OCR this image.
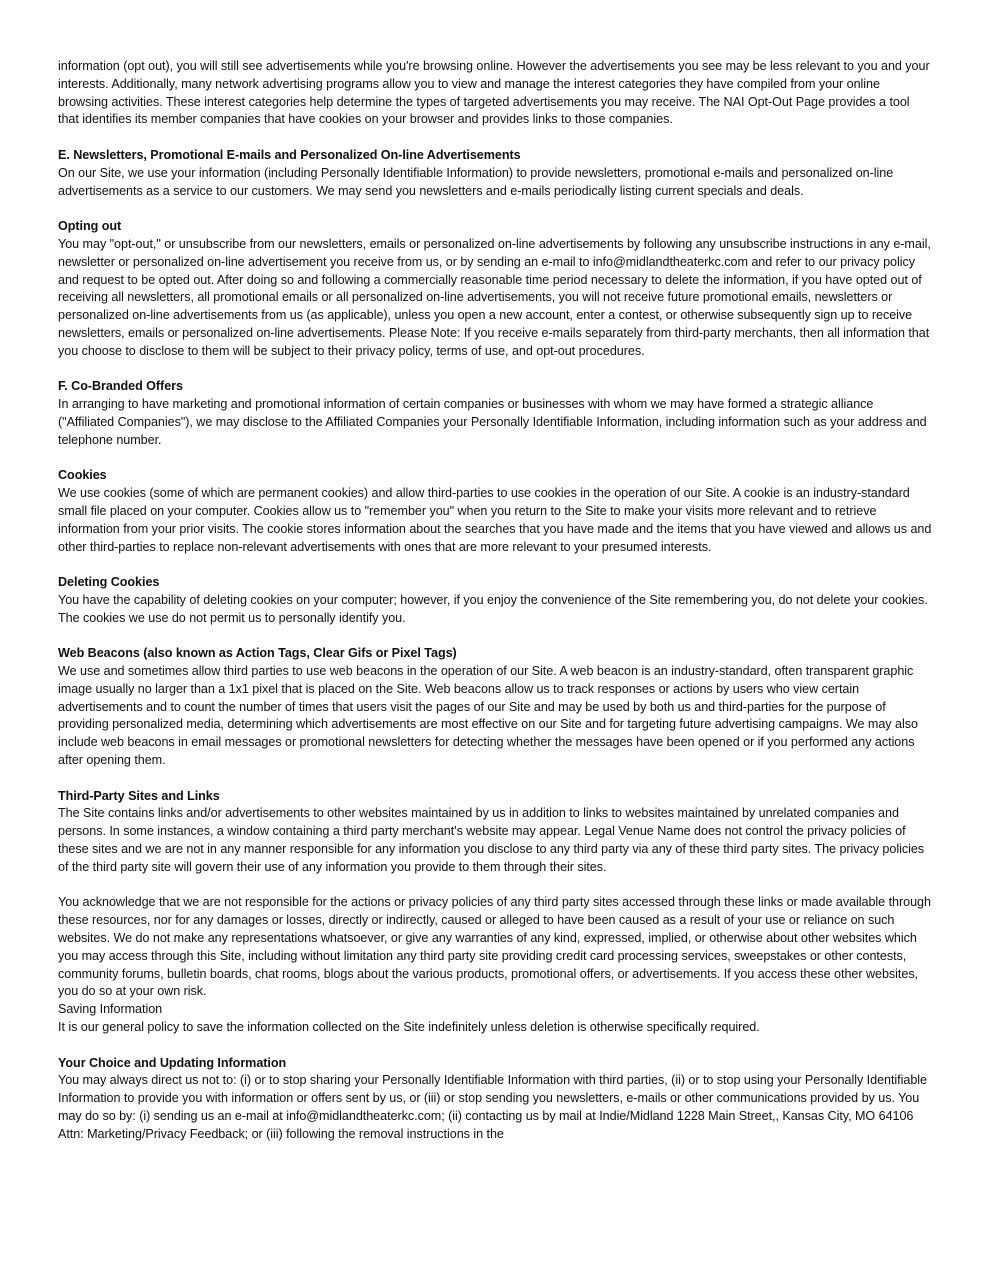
information (opt out), you will still see advertisements while you're browsing online. However the advertisements you see may be less relevant to you and your interests. Additionally, many network advertising programs allow you to view and manage the interest categories they have compiled from your online browsing activities. These interest categories help determine the types of targeted advertisements you may receive. The NAI Opt-Out Page provides a tool that identifies its member companies that have cookies on your browser and provides links to those companies.

E. Newsletters, Promotional E-mails and Personalized On-line Advertisements

On our Site, we use your information (including Personally Identifiable Information) to provide newsletters, promotional e-mails and personalized on-line advertisements as a service to our customers. We may send you newsletters and e-mails periodically listing current specials and deals.

Opting out

You may "opt-out," or unsubscribe from our newsletters, emails or personalized on-line advertisements by following any unsubscribe instructions in any e-mail, newsletter or personalized on-line advertisement you receive from us, or by sending an e-mail to info@midlandtheaterkc.com and refer to our privacy policy and request to be opted out. After doing so and following a commercially reasonable time period necessary to delete the information, if you have opted out of receiving all newsletters, all promotional emails or all personalized on-line advertisements, you will not receive future promotional emails, newsletters or personalized on-line advertisements from us (as applicable), unless you open a new account, enter a contest, or otherwise subsequently sign up to receive newsletters, emails or personalized on-line advertisements. Please Note: If you receive e-mails separately from third-party merchants, then all information that you choose to disclose to them will be subject to their privacy policy, terms of use, and opt-out procedures.

F. Co-Branded Offers

In arranging to have marketing and promotional information of certain companies or businesses with whom we may have formed a strategic alliance ("Affiliated Companies"), we may disclose to the Affiliated Companies your Personally Identifiable Information, including information such as your address and telephone number.

Cookies

We use cookies (some of which are permanent cookies) and allow third-parties to use cookies in the operation of our Site. A cookie is an industry-standard small file placed on your computer. Cookies allow us to "remember you" when you return to the Site to make your visits more relevant and to retrieve information from your prior visits. The cookie stores information about the searches that you have made and the items that you have viewed and allows us and other third-parties to replace non-relevant advertisements with ones that are more relevant to your presumed interests.

Deleting Cookies

You have the capability of deleting cookies on your computer; however, if you enjoy the convenience of the Site remembering you, do not delete your cookies. The cookies we use do not permit us to personally identify you.

Web Beacons (also known as Action Tags, Clear Gifs or Pixel Tags)

We use and sometimes allow third parties to use web beacons in the operation of our Site. A web beacon is an industry-standard, often transparent graphic image usually no larger than a 1x1 pixel that is placed on the Site. Web beacons allow us to track responses or actions by users who view certain advertisements and to count the number of times that users visit the pages of our Site and may be used by both us and third-parties for the purpose of providing personalized media, determining which advertisements are most effective on our Site and for targeting future advertising campaigns. We may also include web beacons in email messages or promotional newsletters for detecting whether the messages have been opened or if you performed any actions after opening them.

Third-Party Sites and Links

The Site contains links and/or advertisements to other websites maintained by us in addition to links to websites maintained by unrelated companies and persons. In some instances, a window containing a third party merchant's website may appear. Legal Venue Name does not control the privacy policies of these sites and we are not in any manner responsible for any information you disclose to any third party via any of these third party sites. The privacy policies of the third party site will govern their use of any information you provide to them through their sites.

You acknowledge that we are not responsible for the actions or privacy policies of any third party sites accessed through these links or made available through these resources, nor for any damages or losses, directly or indirectly, caused or alleged to have been caused as a result of your use or reliance on such websites. We do not make any representations whatsoever, or give any warranties of any kind, expressed, implied, or otherwise about other websites which you may access through this Site, including without limitation any third party site providing credit card processing services, sweepstakes or other contests, community forums, bulletin boards, chat rooms, blogs about the various products, promotional offers, or advertisements. If you access these other websites, you do so at your own risk.

Saving Information

It is our general policy to save the information collected on the Site indefinitely unless deletion is otherwise specifically required.

Your Choice and Updating Information

You may always direct us not to: (i) or to stop sharing your Personally Identifiable Information with third parties, (ii) or to stop using your Personally Identifiable Information to provide you with information or offers sent by us, or (iii) or stop sending you newsletters, e-mails or other communications provided by us. You may do so by: (i) sending us an e-mail at info@midlandtheaterkc.com; (ii) contacting us by mail at Indie/Midland 1228 Main Street,, Kansas City, MO 64106 Attn: Marketing/Privacy Feedback; or (iii) following the removal instructions in the
